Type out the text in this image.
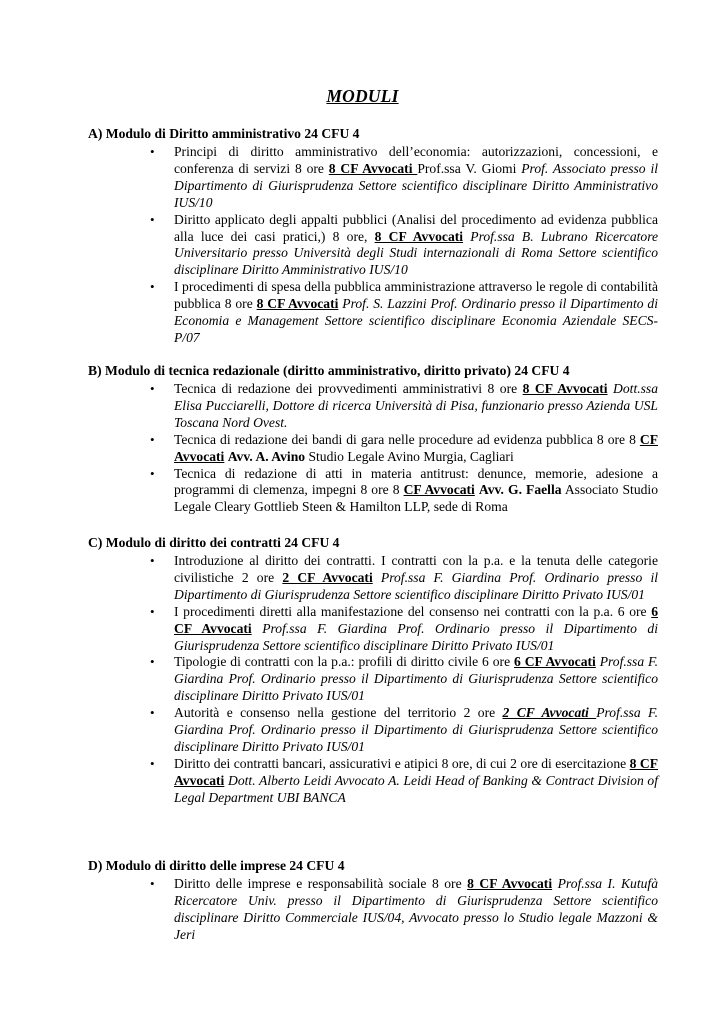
MODULI
A) Modulo di Diritto amministrativo 24 CFU 4
• Principi di diritto amministrativo dell’economia: autorizzazioni, concessioni, e conferenza di servizi 8 ore 8 CF Avvocati Prof.ssa V. Giomi Prof. Associato presso il Dipartimento di Giurisprudenza Settore scientifico disciplinare Diritto Amministrativo IUS/10
• Diritto applicato degli appalti pubblici (Analisi del procedimento ad evidenza pubblica alla luce dei casi pratici,) 8 ore, 8 CF Avvocati Prof.ssa B. Lubrano Ricercatore Universitario presso Università degli Studi internazionali di Roma Settore scientifico disciplinare Diritto Amministrativo IUS/10
• I procedimenti di spesa della pubblica amministrazione attraverso le regole di contabilità pubblica 8 ore 8 CF Avvocati Prof. S. Lazzini Prof. Ordinario presso il Dipartimento di Economia e Management Settore scientifico disciplinare Economia Aziendale SECS-P/07
B) Modulo di tecnica redazionale (diritto amministrativo, diritto privato) 24 CFU 4
• Tecnica di redazione dei provvedimenti amministrativi 8 ore 8 CF Avvocati Dott.ssa Elisa Pucciarelli, Dottore di ricerca Università di Pisa, funzionario presso Azienda USL Toscana Nord Ovest.
• Tecnica di redazione dei bandi di gara nelle procedure ad evidenza pubblica 8 ore 8 CF Avvocati Avv. A. Avino Studio Legale Avino Murgia, Cagliari
• Tecnica di redazione di atti in materia antitrust: denunce, memorie, adesione a programmi di clemenza, impegni 8 ore 8 CF Avvocati Avv. G. Faella Associato Studio Legale Cleary Gottlieb Steen & Hamilton LLP, sede di Roma
C) Modulo di diritto dei contratti 24 CFU 4
• Introduzione al diritto dei contratti. I contratti con la p.a. e la tenuta delle categorie civilistiche 2 ore 2 CF Avvocati Prof.ssa F. Giardina Prof. Ordinario presso il Dipartimento di Giurisprudenza Settore scientifico disciplinare Diritto Privato IUS/01
• I procedimenti diretti alla manifestazione del consenso nei contratti con la p.a. 6 ore 6 CF Avvocati Prof.ssa F. Giardina Prof. Ordinario presso il Dipartimento di Giurisprudenza Settore scientifico disciplinare Diritto Privato IUS/01
• Tipologie di contratti con la p.a.: profili di diritto civile 6 ore 6 CF Avvocati Prof.ssa F. Giardina Prof. Ordinario presso il Dipartimento di Giurisprudenza Settore scientifico disciplinare Diritto Privato IUS/01
• Autorità e consenso nella gestione del territorio 2 ore 2 CF Avvocati Prof.ssa F. Giardina Prof. Ordinario presso il Dipartimento di Giurisprudenza Settore scientifico disciplinare Diritto Privato IUS/01
• Diritto dei contratti bancari, assicurativi e atipici 8 ore, di cui 2 ore di esercitazione 8 CF Avvocati Dott. Alberto Leidi Avvocato A. Leidi Head of Banking & Contract Division of Legal Department UBI BANCA
D) Modulo di diritto delle imprese 24 CFU 4
• Diritto delle imprese e responsabilità sociale 8 ore 8 CF Avvocati Prof.ssa I. Kutufà Ricercatore Univ. presso il Dipartimento di Giurisprudenza Settore scientifico disciplinare Diritto Commerciale IUS/04, Avvocato presso lo Studio legale Mazzoni & Jeri
